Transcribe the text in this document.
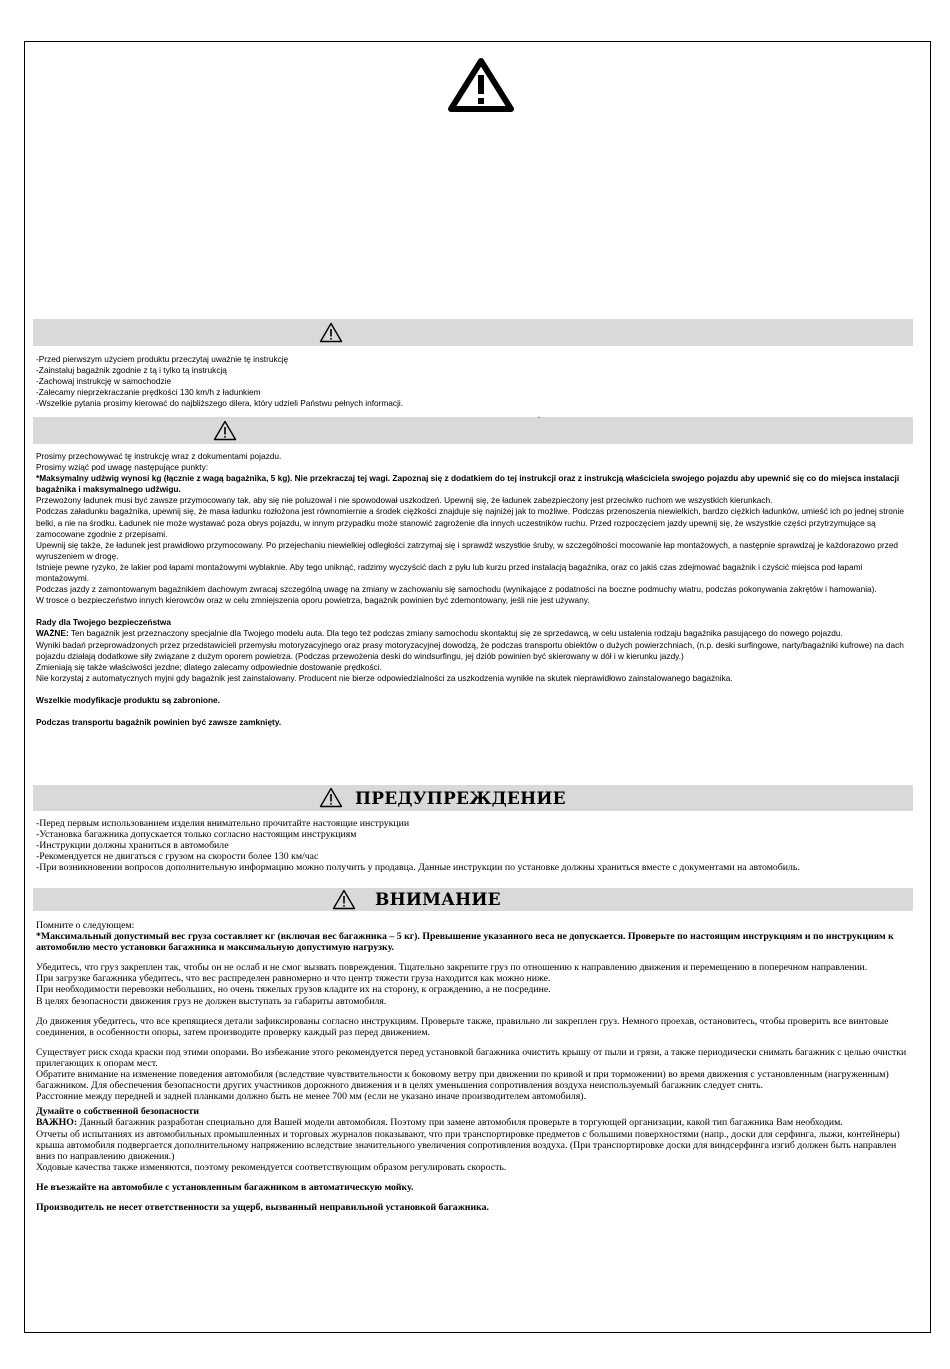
-Przed pierwszym użyciem produktu przeczytaj uważnie tę instrukcję

-Zainstaluj bagażnik zgodnie z tą i tylko tą instrukcją

-Zachowaj instrukcję w samochodzie

-Zalecamy nieprzekraczanie prędkości 130 km/h z ładunkiem

-Wszelkie pytania prosimy kierować do najbliższego dilera, który udzieli Państwu pełnych informacji.

´

Prosimy przechowywać tę instrukcję wraz z dokumentami pojazdu.

Prosimy wziąć pod uwagę następujące punkty:

*Maksymalny udźwig wynosi kg (łącznie z wagą bagażnika, 5 kg). Nie przekraczaj tej wagi. Zapoznaj się z dodatkiem do tej instrukcji oraz z instrukcją właściciela swojego pojazdu aby upewnić się co do miejsca instalacji bagażnika i maksymalnego udźwigu.

Przewożony ładunek musi być zawsze przymocowany tak, aby się nie poluzował i nie spowodował uszkodzeń. Upewnij się, że ładunek zabezpieczony jest przeciwko ruchom we wszystkich kierunkach.
Podczas załadunku bagażnika, upewnij się, że masa ładunku rozłożona jest równomiernie a środek ciężkości znajduje się najniżej jak to możliwe. Podczas przenoszenia niewielkich, bardzo ciężkich ładunków, umieść ich po jednej stronie belki, a nie na środku. Ładunek nie może wystawać poza obrys pojazdu, w innym przypadku może stanowić zagrożenie dla innych uczestników ruchu. Przed rozpoczęciem jazdy upewnij się, że wszystkie części przytrzymujące są zamocowane zgodnie z przepisami.
Upewnij się także, że ładunek jest prawidłowo przymocowany. Po przejechaniu niewielkiej odległości zatrzymaj się i sprawdź wszystkie śruby, w szczególności mocowanie łap montażowych, a następnie sprawdzaj je każdorazowo przed wyruszeniem w drogę.
Istnieje pewne ryzyko, że lakier pod łapami montażowymi wyblaknie. Aby tego uniknąć, radzimy wyczyścić dach z pyłu lub kurzu przed instalacją bagażnika, oraz co jakiś czas zdejmować bagażnik i czyścić miejsca pod łapami montażowymi.
Podczas jazdy z zamontowanym bagażnikiem dachowym zwracaj szczególną uwagę na zmiany w zachowaniu się samochodu (wynikające z podatności na boczne podmuchy wiatru, podczas pokonywania zakrętów i hamowania).
W trosce o bezpieczeństwo innych kierowców oraz w celu zmniejszenia oporu powietrza, bagażnik powinien być zdemontowany, jeśli nie jest używany.

Rady dla Twojego bezpieczeństwa

WAŻNE: Ten bagażnik jest przeznaczony specjalnie dla Twojego modelu auta. Dla tego też podczas zmiany samochodu skontaktuj się ze sprzedawcą, w celu ustalenia rodzaju bagażnika pasującego do nowego pojazdu.

Wyniki badań przeprowadzonych przez przedstawicieli przemysłu motoryzacyjnego oraz prasy motoryzacyjnej dowodzą, że podczas transportu obiektów o dużych powierzchniach, (n.p. deski surfingowe, narty/bagażniki kufrowe) na dach pojazdu działają dodatkowe siły związane z dużym oporem powietrza. (Podczas przewożenia deski do windsurfingu, jej dziób powinien być skierowany w dół i w kierunku jazdy.)
Zmieniają się także właściwości jezdne; dlatego zalecamy odpowiednie dostowanie prędkości.
Nie korzystaj z automatycznych myjni gdy bagażnik jest zainstalowany. Producent nie bierze odpowiedzialności za uszkodzenia wynikłe na skutek nieprawidłowo zainstalowanego bagażnika.

Wszelkie modyfikacje produktu są zabronione.

Podczas transportu bagażnik powinien być zawsze zamknięty.

ПРЕДУПРЕЖДЕНИЕ

-Перед первым использованием изделия внимательно прочитайте настоящие инструкции

-Установка багажника допускается только согласно настоящим инструкциям

-Инструкции должны храниться в автомобиле

-Рекомендуется не двигаться с грузом на скорости более 130 км/час

-При возникновении вопросов дополнительную информацию можно получить у продавца. Данные инструкции по установке должны храниться вместе с документами на автомобиль.

ВНИМАНИЕ

Помните о следующем:

*Максимальный допустимый вес груза составляет кг (включая вес багажника – 5 кг). Превышение указанного веса не допускается. Проверьте по настоящим инструкциям и по инструкциям к автомобилю место установки багажника и максимальную допустимую нагрузку.

Убедитесь, что груз закреплен так, чтобы он не ослаб и не смог вызвать повреждения. Тщательно закрепите груз по отношению к направлению движения и перемещению в поперечном направлении.
При загрузке багажника убедитесь, что вес распределен равномерно и что центр тяжести груза находится как можно ниже.
При необходимости перевозки небольших, но очень тяжелых грузов кладите их на сторону, к ограждению, а не посредине.
В целях безопасности движения груз не должен выступать за габариты автомобиля.

До движения убедитесь, что все крепящиеся детали зафиксированы согласно инструкциям. Проверьте также, правильно ли закреплен груз. Немного проехав, остановитесь, чтобы проверить все винтовые соединения, в особенности опоры, затем производите проверку каждый раз перед движением.

Существует риск схода краски под этими опорами. Во избежание этого рекомендуется перед установкой багажника очистить крышу от пыли и грязи, а также периодически снимать багажник с целью очистки прилегающих к опорам мест.
Обратите внимание на изменение поведения автомобиля (вследствие чувствительности к боковому ветру при движении по кривой и при торможении) во время движения с установленным (нагруженным) багажником. Для обеспечения безопасности других участников дорожного движения и в целях уменьшения сопротивления воздуха неиспользуемый багажник следует снять.
Расстояние между передней и задней планками должно быть не менее 700 мм (если не указано иначе производителем автомобиля).

Думайте о собственной безопасности

ВАЖНО: Данный багажник разработан специально для Вашей модели автомобиля. Поэтому при замене автомобиля проверьте в торгующей организации, какой тип багажника Вам необходим.

Отчеты об испытаниях из автомобильных промышленных и торговых журналов показывают, что при транспортировке предметов с большими поверхностями (напр., доски для серфинга, лыжи, контейнеры) крыша автомобиля подвергается дополнительному напряжению вследствие значительного увеличения сопротивления воздуха. (При транспортировке доски для виндсерфинга изгиб должен быть направлен вниз по направлению движения.)
Ходовые качества также изменяются, поэтому рекомендуется соответствующим образом регулировать скорость.

Не въезжайте на автомобиле с установленным багажником в автоматическую мойку.

Производитель не несет ответственности за ущерб, вызванный неправильной установкой багажника.
